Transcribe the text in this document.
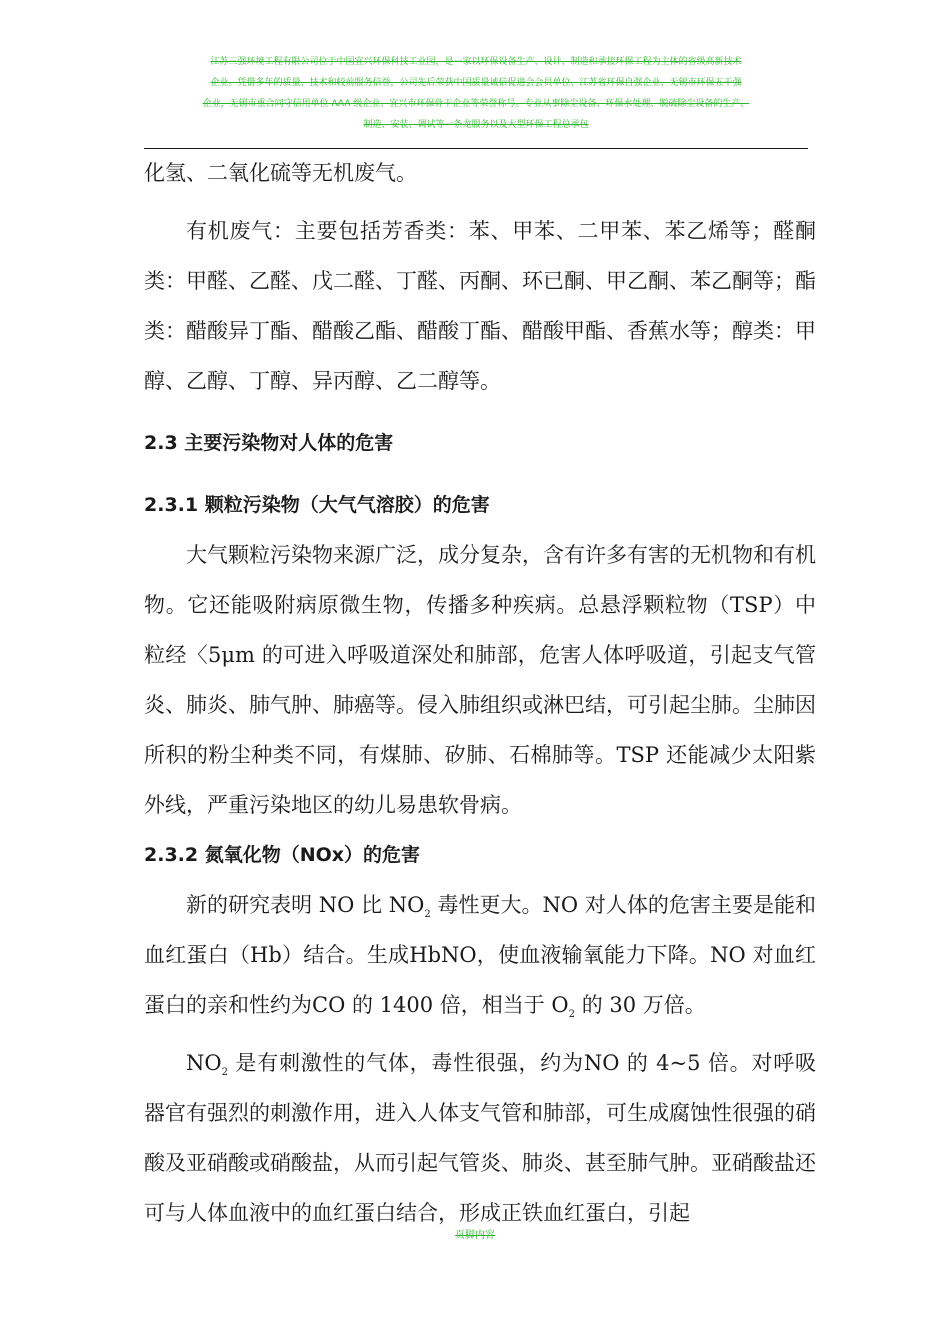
江苏三强环境工程有限公司位于中国宜兴环保科技工业园，是一家以环保设备生产、设计、制造和承接环保工程为主体的省级高新技术
企业。凭借多年的质量、技术和较前服务信誉，公司先后荣获中国质量诚信促进会会员单位、江苏省环保自强企业、无锡市环保五干强
企业，无锡市重合同守信用单位 AAA 级企业、宜兴市环保骨干企业等荣誉称号。专业从事除尘设备、环保水处理、脱硫除尘设备的生产、
制造、安装、调试等一条龙服务以及大型环保工程总承包

化氢、二氧化硫等无机废气。

有机废气：主要包括芳香类：苯、甲苯、二甲苯、苯乙烯等；醛酮类：甲醛、乙醛、戊二醛、丁醛、丙酮、环已酮、甲乙酮、苯乙酮等；酯类：醋酸异丁酯、醋酸乙酯、醋酸丁酯、醋酸甲酯、香蕉水等；醇类：甲醇、乙醇、丁醇、异丙醇、乙二醇等。

2.3 主要污染物对人体的危害

2.3.1 颗粒污染物（大气气溶胶）的危害

大气颗粒污染物来源广泛，成分复杂，含有许多有害的无机物和有机物。它还能吸附病原微生物，传播多种疾病。总悬浮颗粒物（TSP）中粒经〈5μm 的可进入呼吸道深处和肺部，危害人体呼吸道，引起支气管炎、肺炎、肺气肿、肺癌等。侵入肺组织或淋巴结，可引起尘肺。尘肺因所积的粉尘种类不同，有煤肺、矽肺、石棉肺等。TSP 还能减少太阳紫外线，严重污染地区的幼儿易患软骨病。

2.3.2 氮氧化物（NOx）的危害

新的研究表明 NO 比 $NO_2$ 毒性更大。NO 对人体的危害主要是能和血红蛋白（Hb）结合。生成HbNO，使血液输氧能力下降。NO 对血红蛋白的亲和性约为CO 的 1400 倍，相当于 $O_2$ 的 30 万倍。

$NO_2$ 是有刺激性的气体，毒性很强，约为NO 的 4~5 倍。对呼吸器官有强烈的刺激作用，进入人体支气管和肺部，可生成腐蚀性很强的硝酸及亚硝酸或硝酸盐，从而引起气管炎、肺炎、甚至肺气肿。亚硝酸盐还可与人体血液中的血红蛋白结合，形成正铁血红蛋白，引起

页脚内容
